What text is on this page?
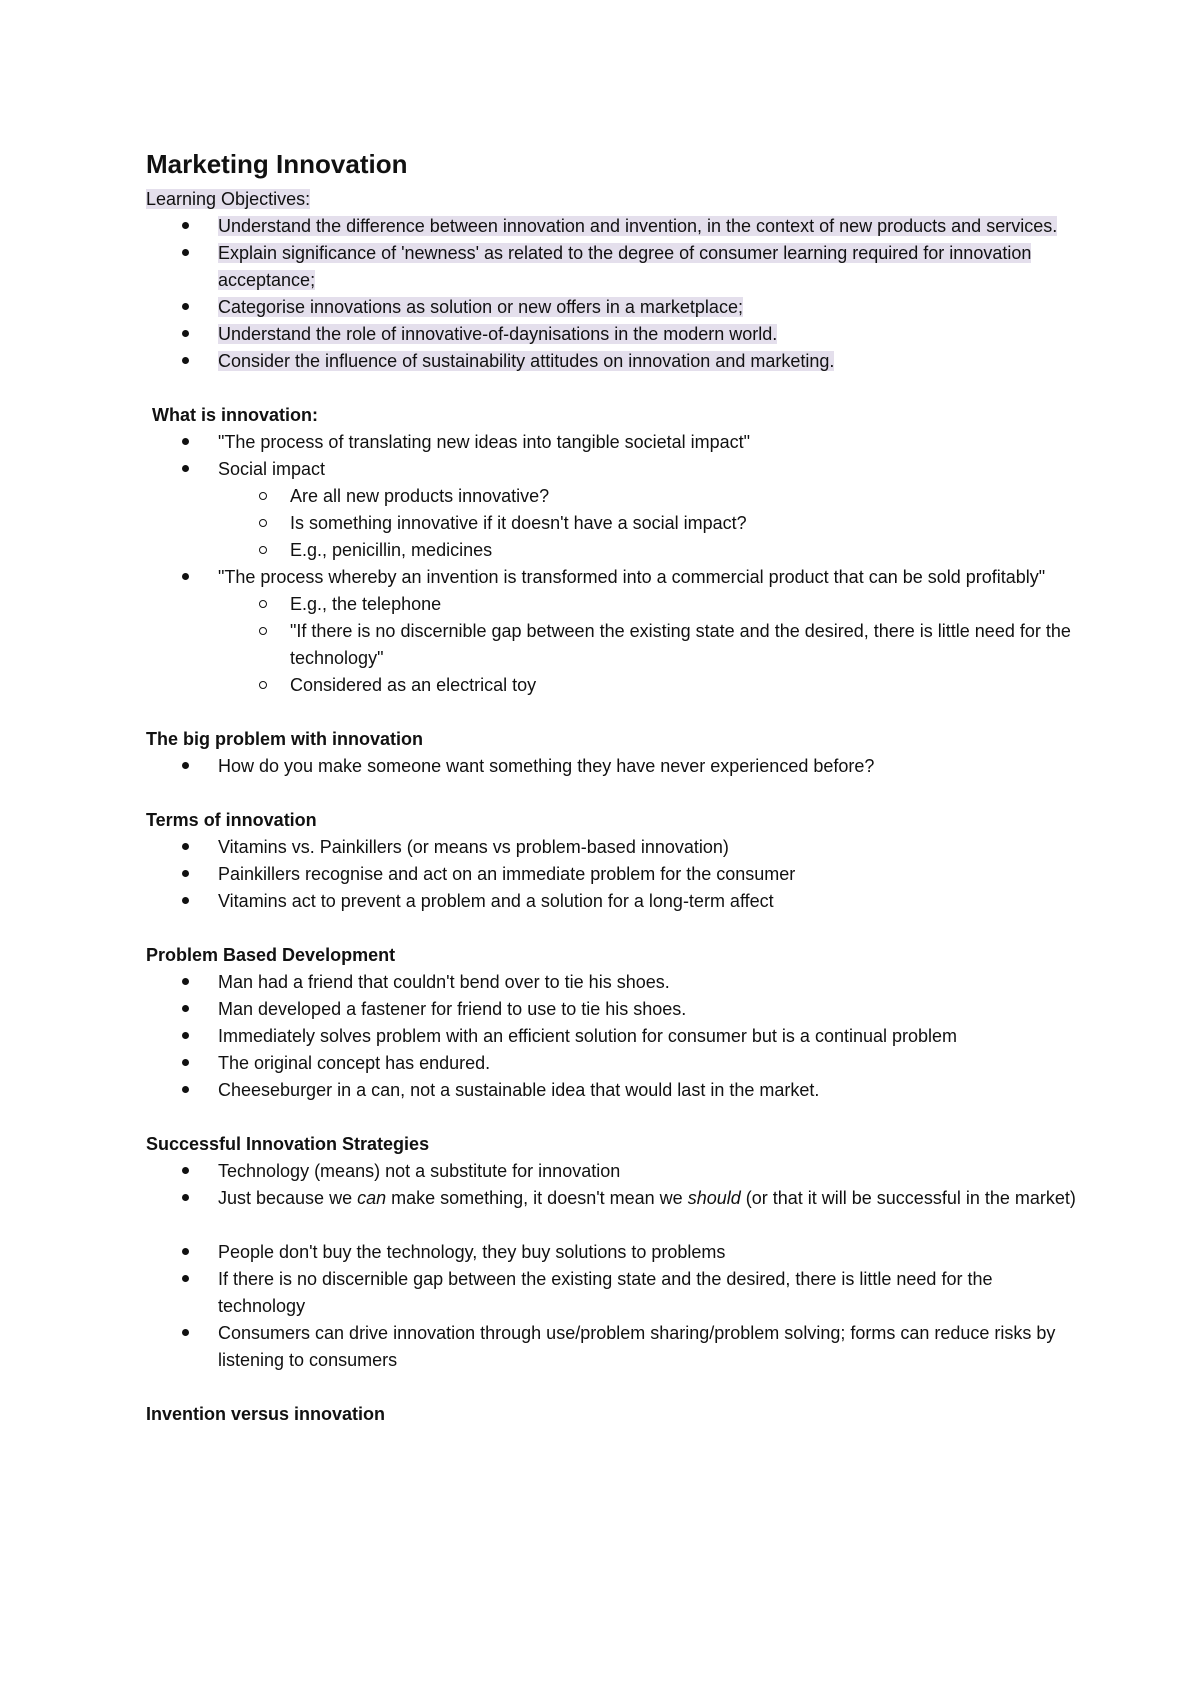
Marketing Innovation

Learning Objectives:

Understand the difference between innovation and invention, in the context of new products and services.
Explain significance of 'newness' as related to the degree of consumer learning required for innovation acceptance;
Categorise innovations as solution or new offers in a marketplace;
Understand the role of innovative-of-daynisations in the modern world.
Consider the influence of sustainability attitudes on innovation and marketing.

What is innovation:

"The process of translating new ideas into tangible societal impact"
Social impact
Are all new products innovative?
Is something innovative if it doesn't have a social impact?
E.g., penicillin, medicines
"The process whereby an invention is transformed into a commercial product that can be sold profitably"
E.g., the telephone
"If there is no discernible gap between the existing state and the desired, there is little need for the technology"
Considered as an electrical toy

The big problem with innovation

How do you make someone want something they have never experienced before?

Terms of innovation

Vitamins vs. Painkillers (or means vs problem-based innovation)
Painkillers recognise and act on an immediate problem for the consumer
Vitamins act to prevent a problem and a solution for a long-term affect

Problem Based Development

Man had a friend that couldn't bend over to tie his shoes.
Man developed a fastener for friend to use to tie his shoes.
Immediately solves problem with an efficient solution for consumer but is a continual problem
The original concept has endured.
Cheeseburger in a can, not a sustainable idea that would last in the market.

Successful Innovation Strategies

Technology (means) not a substitute for innovation
Just because we can make something, it doesn't mean we should (or that it will be successful in the market)
People don't buy the technology, they buy solutions to problems
If there is no discernible gap between the existing state and the desired, there is little need for the technology
Consumers can drive innovation through use/problem sharing/problem solving; forms can reduce risks by listening to consumers

Invention versus innovation
